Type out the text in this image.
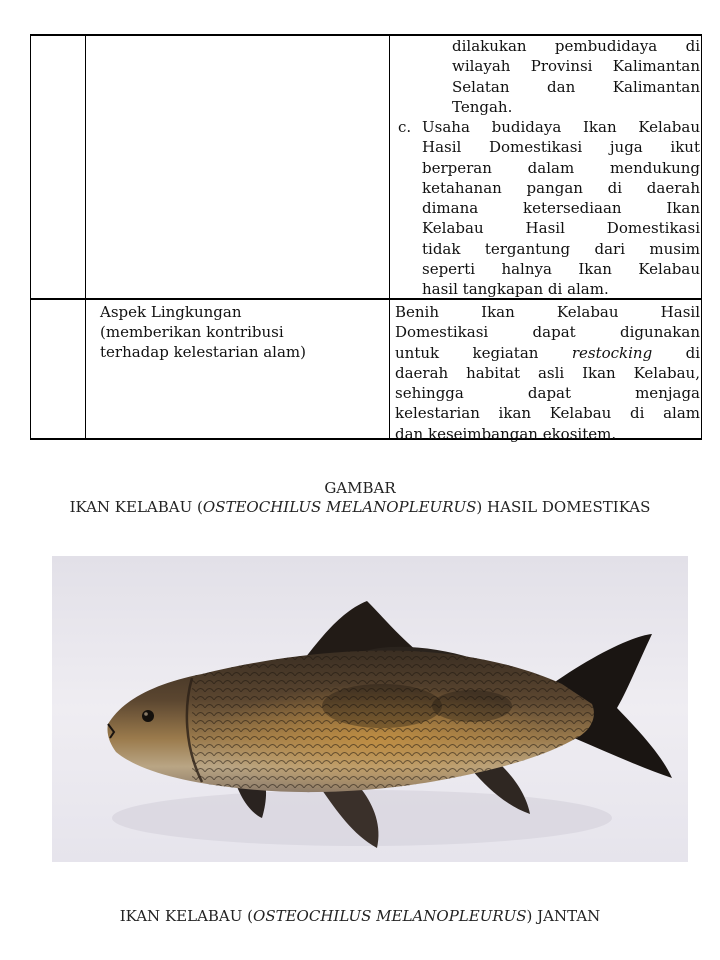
dilakukan pembudidaya di
wilayah Provinsi Kalimantan
Selatan dan Kalimantan
Tengah.
c. Usaha budidaya Ikan Kelabau
Hasil Domestikasi juga ikut
berperan dalam mendukung
ketahanan pangan di daerah
dimana ketersediaan Ikan
Kelabau Hasil Domestikasi
tidak tergantung dari musim
seperti halnya Ikan Kelabau
hasil tangkapan di alam.
Aspek Lingkungan
(memberikan kontribusi
terhadap kelestarian alam)
Benih Ikan Kelabau Hasil
Domestikasi dapat digunakan
untuk kegiatan restocking di
daerah habitat asli Ikan Kelabau,
sehingga dapat menjaga
kelestarian ikan Kelabau di alam
dan keseimbangan ekositem.
GAMBAR
IKAN KELABAU (OSTEOCHILUS MELANOPLEURUS) HASIL DOMESTIKAS
IKAN KELABAU (OSTEOCHILUS MELANOPLEURUS) JANTAN
